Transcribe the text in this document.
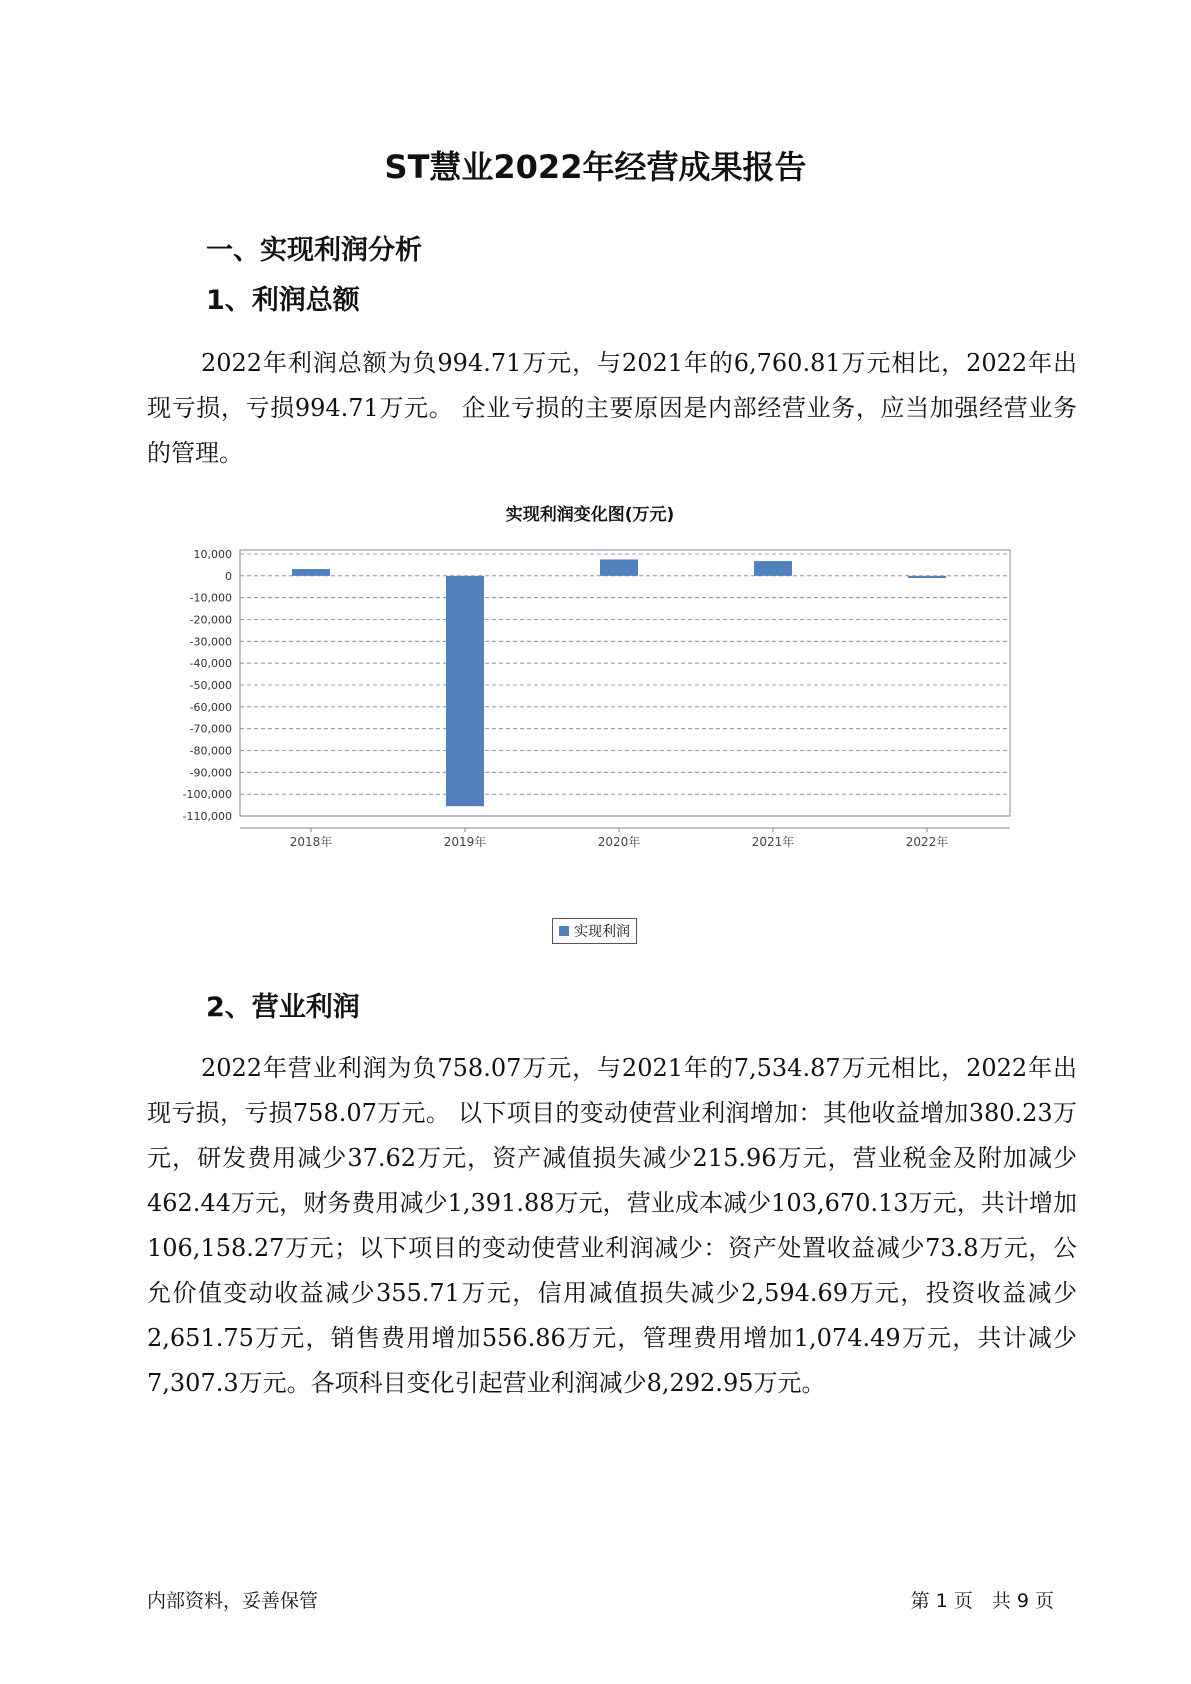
ST慧业2022年经营成果报告
一、实现利润分析
1、利润总额

2022年利润总额为负994.71万元，与2021年的6,760.81万元相比，2022年出现亏损，亏损994.71万元。 企业亏损的主要原因是内部经营业务，应当加强经营业务的管理。

10,000
0
-10,000
-20,000
-30,000
-40,000
-50,000
-60,000
-70,000
-80,000
-90,000
-100,000
-110,000
2018年	2019年	2020年	2021年	2022年
实现利润变化图(万元)
实现利润
2、营业利润

2022年营业利润为负758.07万元，与2021年的7,534.87万元相比，2022年出现亏损，亏损758.07万元。 以下项目的变动使营业利润增加：其他收益增加380.23万元，研发费用减少37.62万元，资产减值损失减少215.96万元，营业税金及附加减少462.44万元，财务费用减少1,391.88万元，营业成本减少103,670.13万元，共计增加106,158.27万元；以下项目的变动使营业利润减少：资产处置收益减少73.8万元，公允价值变动收益减少355.71万元，信用减值损失减少2,594.69万元，投资收益减少2,651.75万元，销售费用增加556.86万元，管理费用增加1,074.49万元，共计减少7,307.3万元。各项科目变化引起营业利润减少8,292.95万元。

内部资料，妥善保管	第 1 页　共 9 页
